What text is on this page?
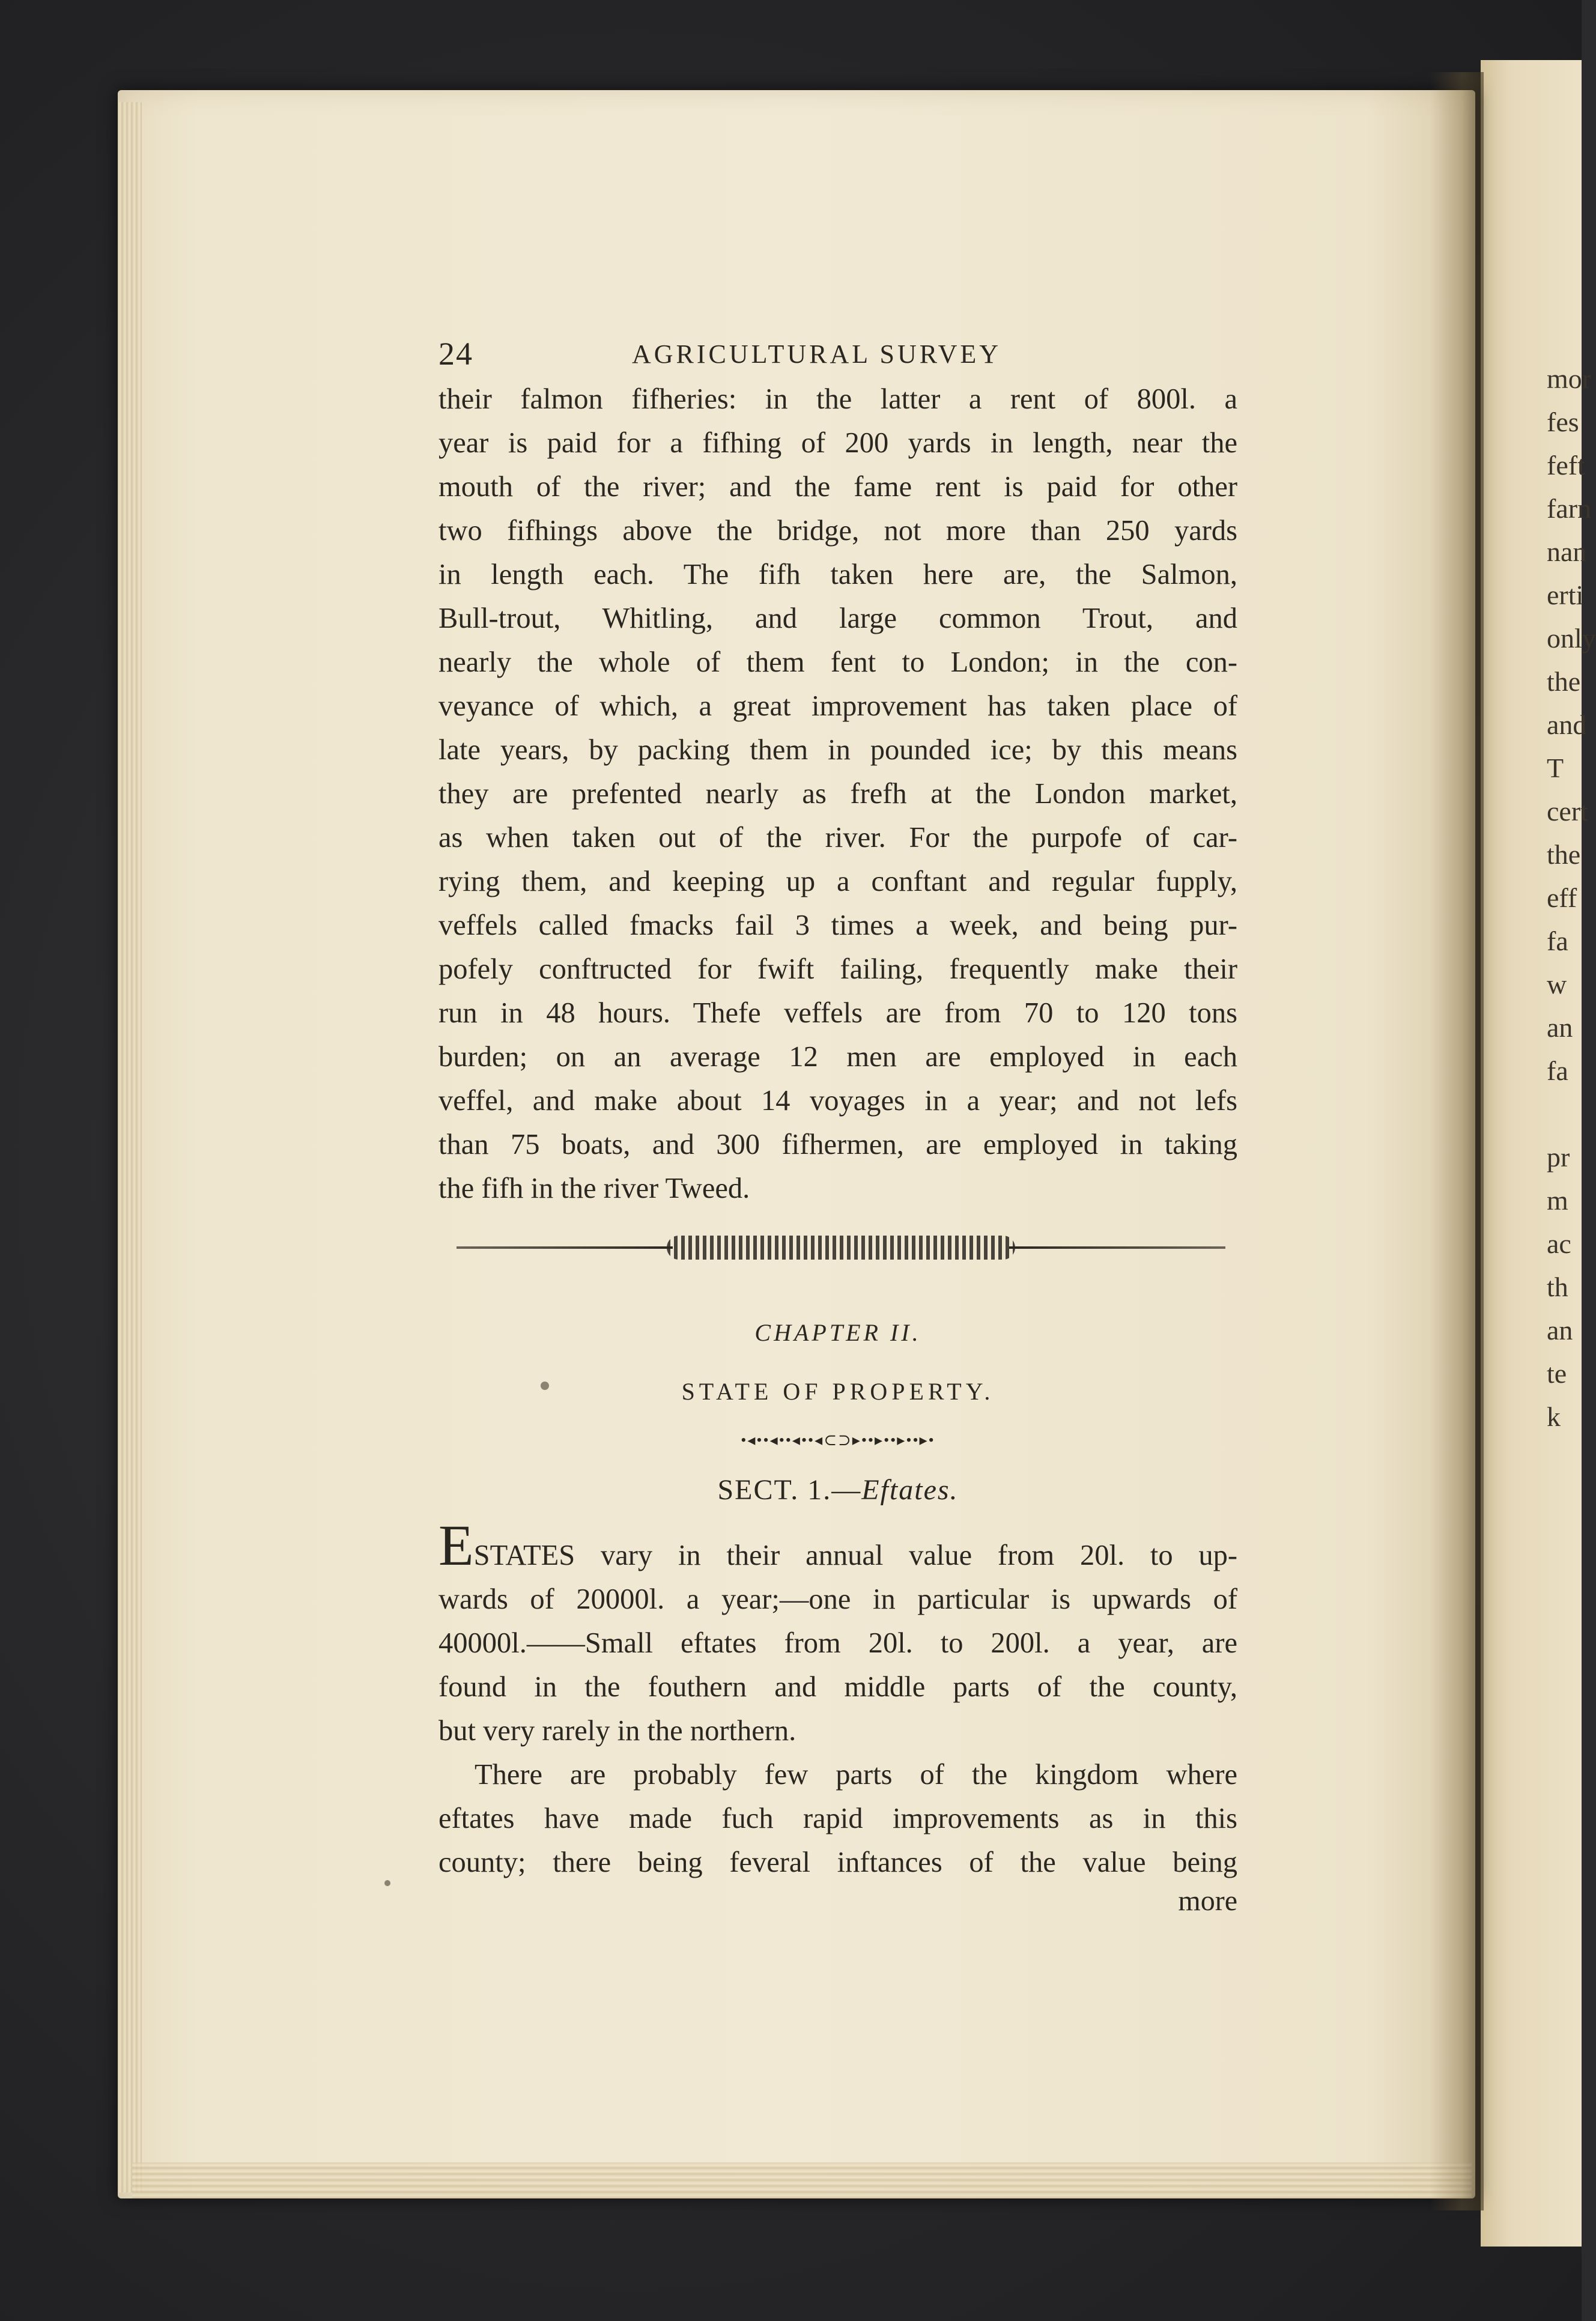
mor
fes
feft
farn
nan
erti
only
the
and
T
cert
the
eff
fa
w
an
fa
pr
m
ac
th
an
te
k
24	AGRICULTURAL SURVEY
their falmon fifheries: in the latter a rent of 800l. a
year is paid for a fifhing of 200 yards in length, near the
mouth of the river; and the fame rent is paid for other
two fifhings above the bridge, not more than 250 yards
in length each. The fifh taken here are, the Salmon,
Bull-trout, Whitling, and large common Trout, and
nearly the whole of them fent to London; in the con-
veyance of which, a great improvement has taken place of
late years, by packing them in pounded ice; by this means
they are prefented nearly as frefh at the London market,
as when taken out of the river. For the purpofe of car-
rying them, and keeping up a conftant and regular fupply,
veffels called fmacks fail 3 times a week, and being pur-
pofely conftructed for fwift failing, frequently make their
run in 48 hours. Thefe veffels are from 70 to 120 tons
burden; on an average 12 men are employed in each
veffel, and make about 14 voyages in a year; and not lefs
than 75 boats, and 300 fifhermen, are employed in taking
the fifh in the river Tweed.
CHAPTER II.
STATE OF PROPERTY.
•◂••◂••◂••◂⊂⊃▸••▸••▸••▸•
SECT. 1.—Eftates.
ESTATES vary in their annual value from 20l. to up-
wards of 20000l. a year;—one in particular is upwards of
40000l.——Small eftates from 20l. to 200l. a year, are
found in the fouthern and middle parts of the county,
but very rarely in the northern.
There are probably few parts of the kingdom where
eftates have made fuch rapid improvements as in this
county; there being feveral inftances of the value being
more
